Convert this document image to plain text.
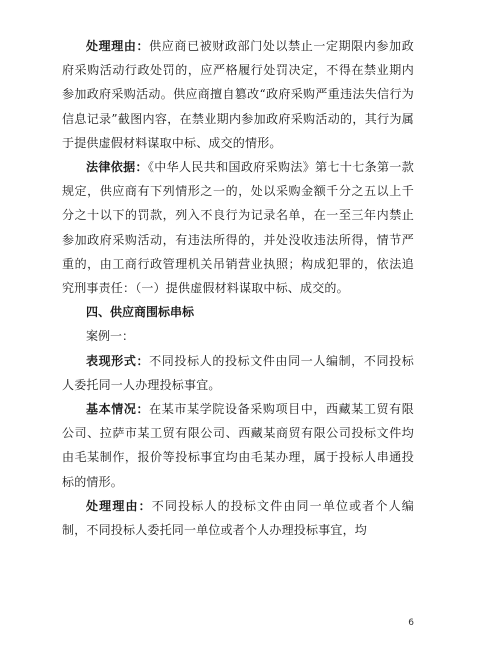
处理理由：供应商已被财政部门处以禁止一定期限内参加政府采购活动行政处罚的，应严格履行处罚决定，不得在禁业期内参加政府采购活动。供应商擅自篡改“政府采购严重违法失信行为信息记录”截图内容，在禁业期内参加政府采购活动的，其行为属于提供虚假材料谋取中标、成交的情形。

法律依据：《中华人民共和国政府采购法》第七十七条第一款规定，供应商有下列情形之一的，处以采购金额千分之五以上千分之十以下的罚款，列入不良行为记录名单，在一至三年内禁止参加政府采购活动，有违法所得的，并处没收违法所得，情节严重的，由工商行政管理机关吊销营业执照；构成犯罪的，依法追究刑事责任：（一）提供虚假材料谋取中标、成交的。

四、供应商围标串标

案例一：

表现形式：不同投标人的投标文件由同一人编制，不同投标人委托同一人办理投标事宜。

基本情况：在某市某学院设备采购项目中，西藏某工贸有限公司、拉萨市某工贸有限公司、西藏某商贸有限公司投标文件均由毛某制作，报价等投标事宜均由毛某办理，属于投标人串通投标的情形。

处理理由：不同投标人的投标文件由同一单位或者个人编制，不同投标人委托同一单位或者个人办理投标事宜，均

6
